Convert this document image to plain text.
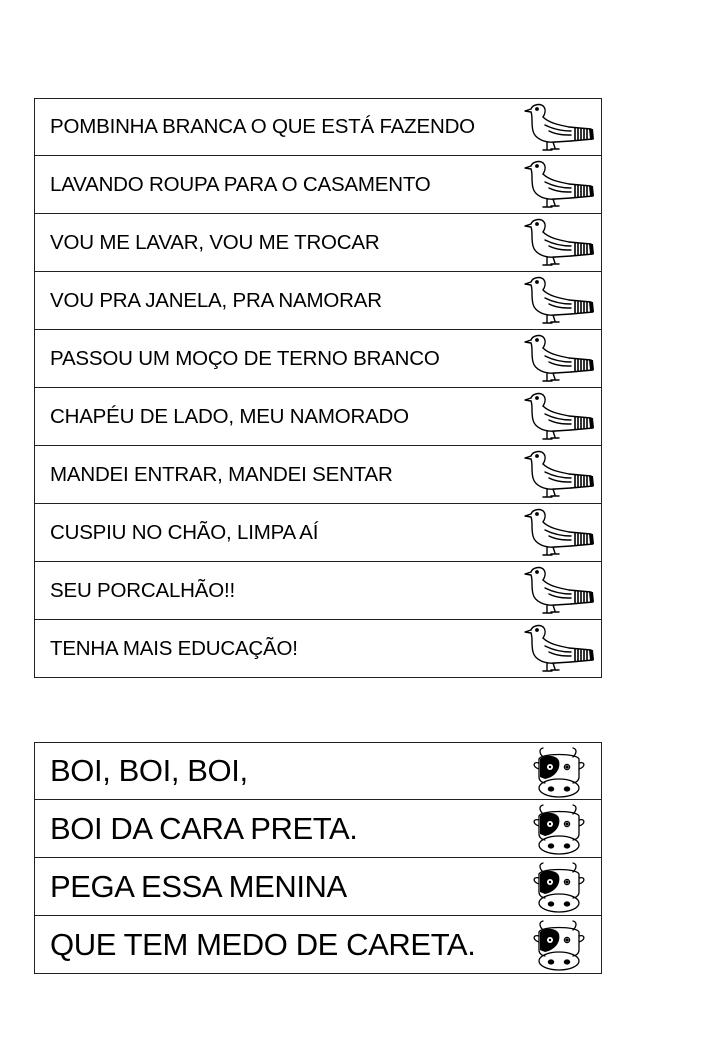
POMBINHA BRANCA O QUE ESTÁ FAZENDO
LAVANDO ROUPA PARA O CASAMENTO
VOU ME LAVAR, VOU ME TROCAR
VOU PRA JANELA, PRA NAMORAR
PASSOU UM MOÇO DE TERNO BRANCO
CHAPÉU DE LADO, MEU NAMORADO
MANDEI ENTRAR, MANDEI SENTAR
CUSPIU NO CHÃO, LIMPA AÍ
SEU PORCALHÃO!!
TENHA MAIS EDUCAÇÃO!
BOI, BOI, BOI,
BOI DA CARA PRETA.
PEGA ESSA MENINA
QUE TEM MEDO DE CARETA.
